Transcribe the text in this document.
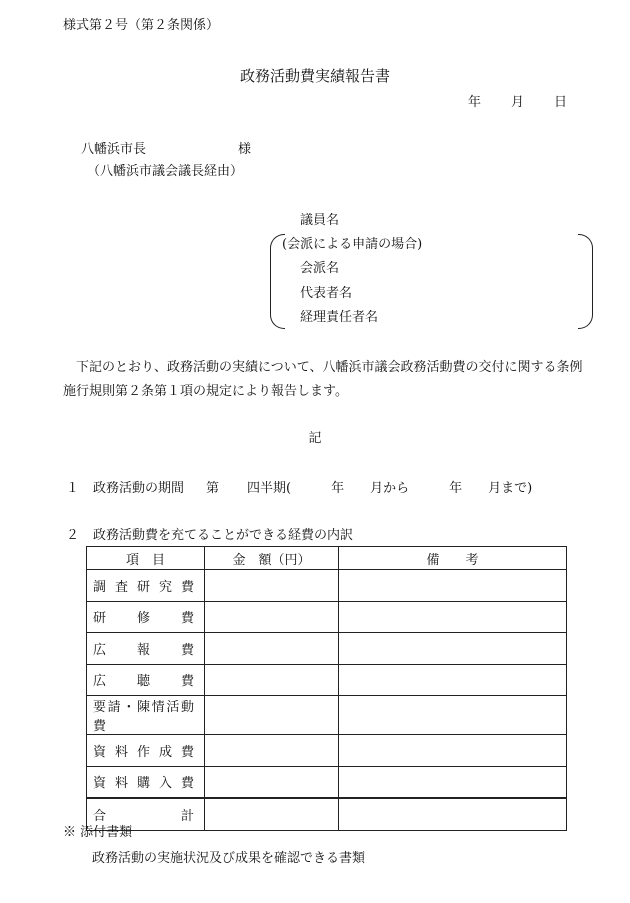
様式第２号（第２条関係）
政務活動費実績報告書
年 月 日
八幡浜市長	様
（八幡浜市議会議長経由）
議員名
(会派による申請の場合)
会派名
代表者名
経理責任者名
下記のとおり、政務活動の実績について、八幡浜市議会政務活動費の交付に関する条例施行規則第２条第１項の規定により報告します。
記
１ 政務活動の期間 第 四半期(	年 月から	年 月まで)
２ 政務活動費を充てることができる経費の内訳
項　目	金　額（円）	備　　考
調査研究費		
研修費		
広報費		
広聴費		
要請・陳情活動費		
資料作成費		
資料購入費		
合計		
※ 添付書類
政務活動の実施状況及び成果を確認できる書類
